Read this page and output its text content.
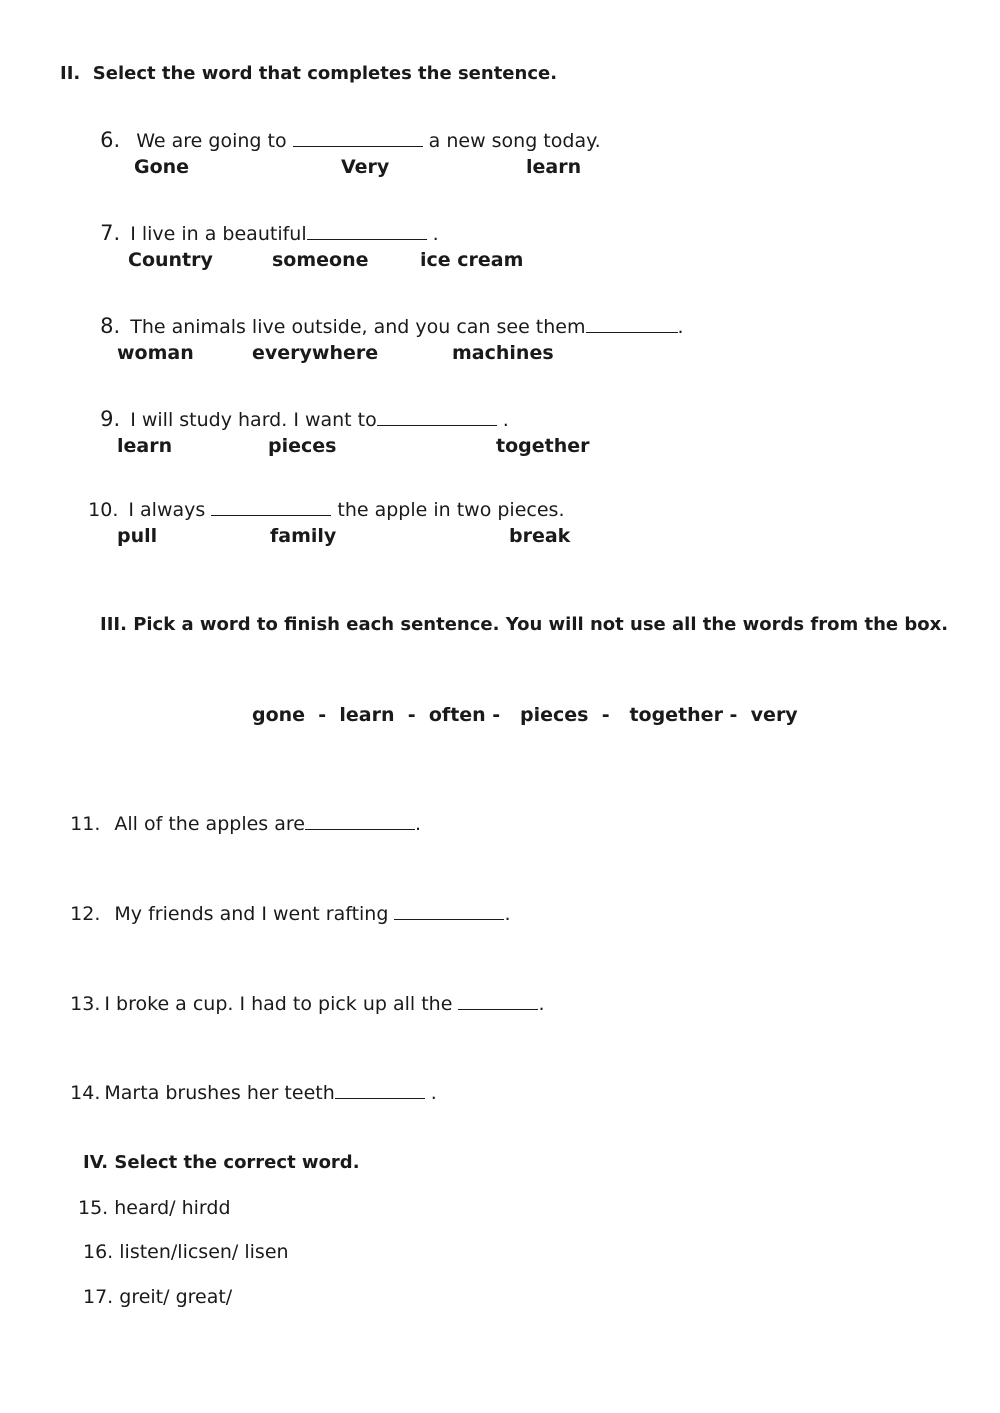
II.  Select the word that completes the sentence.

6. We are going to	a new song today.

Gone	Very	learn

7. I live in a beautiful	.

Country	someone	ice cream

8. The animals live outside, and you can see them	.

woman	everywhere	machines

9. I will study hard. I want to	.

learn	pieces	together

10. I always	the apple in two pieces.

pull	family	break
III. Pick a word to finish each sentence. You will not use all the words from the box.
gone  -  learn  -  often -   pieces  -   together -  very

11. All of the apples are	.

12. My friends and I went rafting	.

13. I broke a cup. I had to pick up all the	.

14. Marta brushes her teeth	.

IV. Select the correct word.
15. heard/ hirdd
16. listen/licsen/ lisen
17. greit/ great/
